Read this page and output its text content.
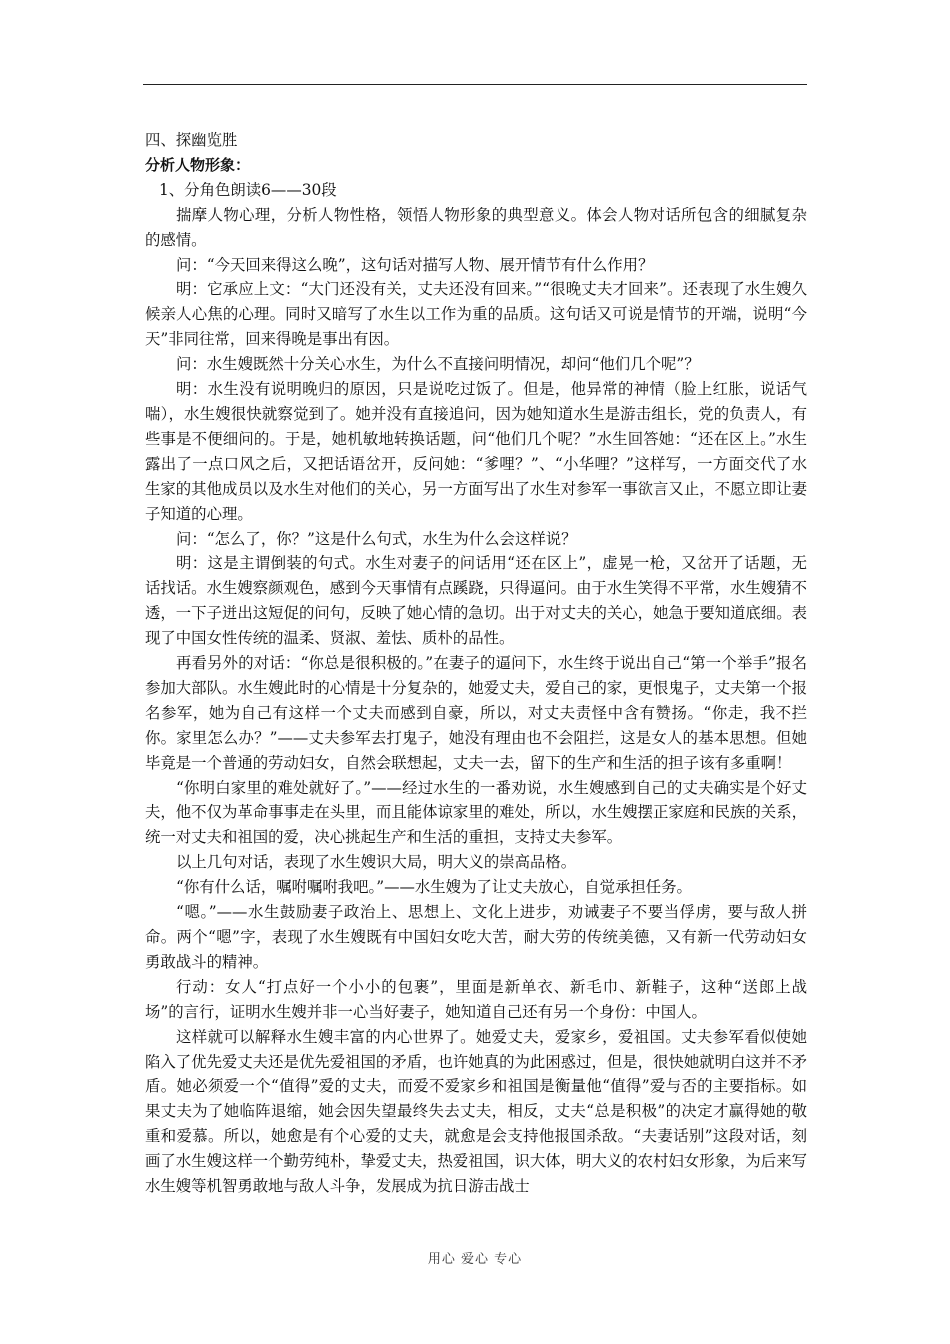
四、探幽览胜

分析人物形象：

1、分角色朗读6——30段

揣摩人物心理，分析人物性格，领悟人物形象的典型意义。体会人物对话所包含的细腻复杂的感情。

问：“今天回来得这么晚”，这句话对描写人物、展开情节有什么作用？

明：它承应上文：“大门还没有关，丈夫还没有回来。”“很晚丈夫才回来”。还表现了水生嫂久候亲人心焦的心理。同时又暗写了水生以工作为重的品质。这句话又可说是情节的开端，说明“今天”非同往常，回来得晚是事出有因。

问：水生嫂既然十分关心水生，为什么不直接问明情况，却问“他们几个呢”？

明：水生没有说明晚归的原因，只是说吃过饭了。但是，他异常的神情（脸上红胀，说话气喘），水生嫂很快就察觉到了。她并没有直接追问，因为她知道水生是游击组长，党的负责人，有些事是不便细问的。于是，她机敏地转换话题，问“他们几个呢？”水生回答她：“还在区上。”水生露出了一点口风之后，又把话语岔开，反问她：“爹哩？”、“小华哩？”这样写，一方面交代了水生家的其他成员以及水生对他们的关心，另一方面写出了水生对参军一事欲言又止，不愿立即让妻子知道的心理。

问：“怎么了，你？”这是什么句式，水生为什么会这样说？

明：这是主谓倒装的句式。水生对妻子的问话用“还在区上”，虚晃一枪，又岔开了话题，无话找话。水生嫂察颜观色，感到今天事情有点蹊跷，只得逼问。由于水生笑得不平常，水生嫂猜不透，一下子迸出这短促的问句，反映了她心情的急切。出于对丈夫的关心，她急于要知道底细。表现了中国女性传统的温柔、贤淑、羞怯、质朴的品性。

再看另外的对话：“你总是很积极的。”在妻子的逼问下，水生终于说出自己“第一个举手”报名参加大部队。水生嫂此时的心情是十分复杂的，她爱丈夫，爱自己的家，更恨鬼子，丈夫第一个报名参军，她为自己有这样一个丈夫而感到自豪，所以，对丈夫责怪中含有赞扬。“你走，我不拦你。家里怎么办？”——丈夫参军去打鬼子，她没有理由也不会阻拦，这是女人的基本思想。但她毕竟是一个普通的劳动妇女，自然会联想起，丈夫一去，留下的生产和生活的担子该有多重啊！

“你明白家里的难处就好了。”——经过水生的一番劝说，水生嫂感到自己的丈夫确实是个好丈夫，他不仅为革命事事走在头里，而且能体谅家里的难处，所以，水生嫂摆正家庭和民族的关系，统一对丈夫和祖国的爱，决心挑起生产和生活的重担，支持丈夫参军。

以上几句对话，表现了水生嫂识大局，明大义的崇高品格。

“你有什么话，嘱咐嘱咐我吧。”——水生嫂为了让丈夫放心，自觉承担任务。

“嗯。”——水生鼓励妻子政治上、思想上、文化上进步，劝诫妻子不要当俘虏，要与敌人拼命。两个“嗯”字，表现了水生嫂既有中国妇女吃大苦，耐大劳的传统美德，又有新一代劳动妇女勇敢战斗的精神。

行动：女人“打点好一个小小的包裹”，里面是新单衣、新毛巾、新鞋子，这种“送郎上战场”的言行，证明水生嫂并非一心当好妻子，她知道自己还有另一个身份：中国人。

这样就可以解释水生嫂丰富的内心世界了。她爱丈夫，爱家乡，爱祖国。丈夫参军看似使她陷入了优先爱丈夫还是优先爱祖国的矛盾，也许她真的为此困惑过，但是，很快她就明白这并不矛盾。她必须爱一个“值得”爱的丈夫，而爱不爱家乡和祖国是衡量他“值得”爱与否的主要指标。如果丈夫为了她临阵退缩，她会因失望最终失去丈夫，相反，丈夫“总是积极”的决定才赢得她的敬重和爱慕。所以，她愈是有个心爱的丈夫，就愈是会支持他报国杀敌。“夫妻话别”这段对话，刻画了水生嫂这样一个勤劳纯朴，挚爱丈夫，热爱祖国，识大体，明大义的农村妇女形象，为后来写水生嫂等机智勇敢地与敌人斗争，发展成为抗日游击战士

用心 爱心 专心
